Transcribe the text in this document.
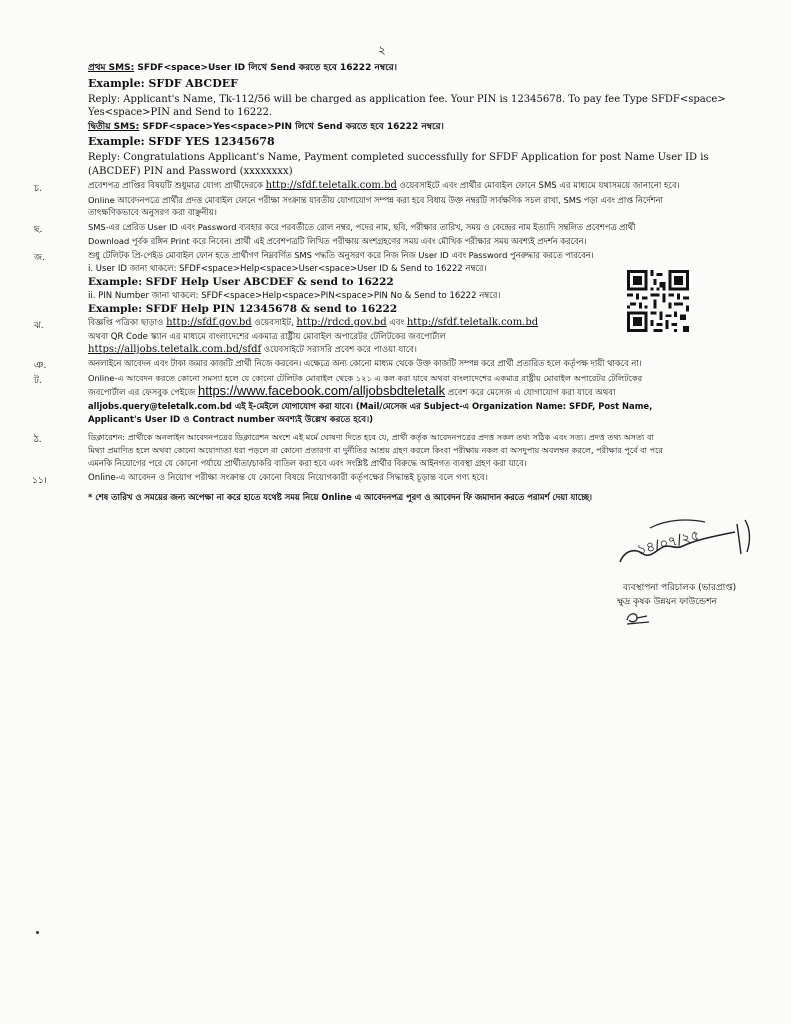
২
প্রথম SMS: SFDF<space>User ID লিখে Send করতে হবে 16222 নম্বরে।
Example: SFDF ABCDEF
Reply: Applicant's Name, Tk-112/56 will be charged as application fee. Your PIN is 12345678. To pay fee Type SFDF<space>
Yes<space>PIN and Send to 16222.
দ্বিতীয় SMS: SFDF<space>Yes<space>PIN লিখে Send করতে হবে 16222 নম্বরে।
Example: SFDF YES 12345678
Reply: Congratulations Applicant's Name, Payment completed successfully for SFDF Application for post Name User ID is
(ABCDEF) PIN and Password (xxxxxxxx)
চ.	প্রবেশপত্র প্রাপ্তির বিষয়টি শুধুমাত্র যোগ্য প্রার্থীদেরকে http://sfdf.teletalk.com.bd ওয়েবসাইটে এবং প্রার্থীর মোবাইল ফোনে SMS এর মাধ্যমে যথাসময়ে জানানো হবে।
Online আবেদনপত্রে প্রার্থীর প্রদত্ত মোবাইল ফোনে পরীক্ষা সংক্রান্ত যাবতীয় যোগাযোগ সম্পন্ন করা হবে বিধায় উক্ত নম্বরটি সার্বক্ষণিক সচল রাখা, SMS পড়া এবং প্রাপ্ত নির্দেশনা
তাৎক্ষণিকভাবে অনুসরণ করা বাঞ্ছনীয়।
ছ.	SMS-এর প্রেরিত User ID এবং Password ব্যবহার করে পরবর্তীতে রোল নম্বর, পদের নাম, ছবি, পরীক্ষার তারিখ, সময় ও কেন্দ্রের নাম ইত্যাদি সম্বলিত প্রবেশপত্র প্রার্থী
Download পূর্বক রঙ্গিন Print করে নিবেন। প্রার্থী এই প্রবেশপত্রটি লিখিত পরীক্ষায় অংশগ্রহণের সময় এবং মৌখিক পরীক্ষার সময় অবশ্যই প্রদর্শন করবেন।
জ.	শুধু টেলিটক প্রি-পেইড মোবাইল ফোন হতে প্রার্থীগণ নিম্নবর্ণিত SMS পদ্ধতি অনুসরণ করে নিজ নিজ User ID এবং Password পুনরুদ্ধার করতে পারবেন।
i. User ID জানা থাকলে: SFDF<space>Help<space>User<space>User ID & Send to 16222 নম্বরে।
Example: SFDF Help User ABCDEF & send to 16222
ii. PIN Number জানা থাকলে: SFDF<space>Help<space>PIN<space>PIN No & Send to 16222 নম্বরে।
Example: SFDF Help PIN 12345678 & send to 16222
ঝ.	বিজ্ঞপ্তি পত্রিকা ছাড়াও http://sfdf.gov.bd ওয়েবসাইট, http://rdcd.gov.bd এবং http://sfdf.teletalk.com.bd
অথবা QR Code স্ক্যান এর মাধ্যমে বাংলাদেশের একমাত্র রাষ্ট্রীয় মোবাইল অপারেটর টেলিটকের জবপোর্টাল
https://alljobs.teletalk.com.bd/sfdf ওয়েবসাইটে সরাসরি প্রবেশ করে পাওয়া যাবে।
ঞ.	অনলাইনে আবেদন এবং টাকা জমার কাজটি প্রার্থী নিজে করবেন। এক্ষেত্রে অন্য কোনো মাধ্যম থেকে উক্ত কাজটি সম্পন্ন করে প্রার্থী প্রতারিত হলে কর্তৃপক্ষ দায়ী থাকবে না।
ট.	Online-এ আবেদন করতে কোনো সমস্যা হলে যে কোনো টেলিটক মোবাইল থেকে ১২১ এ কল করা যাবে অথবা বাংলাদেশের একমাত্র রাষ্ট্রীয় মোবাইল অপারেটর টেলিটকের
জবপোর্টাল এর ফেসবুক পেইজে https://www.facebook.com/alljobsbdteletalk প্রবেশ করে মেসেজ এ যোগাযোগ করা যাবে অথবা
alljobs.query@teletalk.com.bd এই ই-মেইলে যোগাযোগ করা যাবে। (Mail/মেসেজ এর Subject-এ Organization Name: SFDF, Post Name,
Applicant's User ID ও Contract number অবশ্যই উল্লেখ করতে হবে।)
ঠ.	ডিক্লারেশন: প্রার্থীকে অনলাইন আবেদনপত্রের ডিক্লারেশন অংশে এই মর্মে ঘোষণা দিতে হবে যে, প্রার্থী কর্তৃক আবেদনপত্রের প্রদত্ত সকল তথ্য সঠিক এবং সত্য। প্রদত্ত তথ্য অসত্য বা
মিথ্যা প্রমাণিত হলে অথবা কোনো অযোগ্যতা ধরা পড়লে বা কোনো প্রতারণা বা দুর্নীতির আশ্রয় গ্রহণ করলে কিংবা পরীক্ষায় নকল বা অসদুপায় অবলম্বন করলে, পরীক্ষার পূর্বে বা পরে
এমনকি নিয়োগের পরে যে কোনো পর্যায়ে প্রার্থীতা/চাকরি বাতিল করা হবে এবং সংশ্লিষ্ট প্রার্থীর বিরুদ্ধে আইনগত ব্যবস্থা গ্রহণ করা যাবে।
১১।	Online-এ আবেদন ও নিয়োগ পরীক্ষা সংক্রান্ত যে কোনো বিষয়ে নিয়োগকারী কর্তৃপক্ষের সিদ্ধান্তই চূড়ান্ত বলে গণ্য হবে।
* শেষ তারিখ ও সময়ের জন্য অপেক্ষা না করে হাতে যথেষ্ট সময় নিয়ে Online এ আবেদনপত্র পূরণ ও আবেদন ফি জমাদান করতে পরামর্শ দেয়া যাচ্ছে।
১৪/০৭/২৫
ব্যবস্থাপনা পরিচালক (ভারপ্রাপ্ত)
ক্ষুদ্র কৃষক উন্নয়ন ফাউন্ডেশন
